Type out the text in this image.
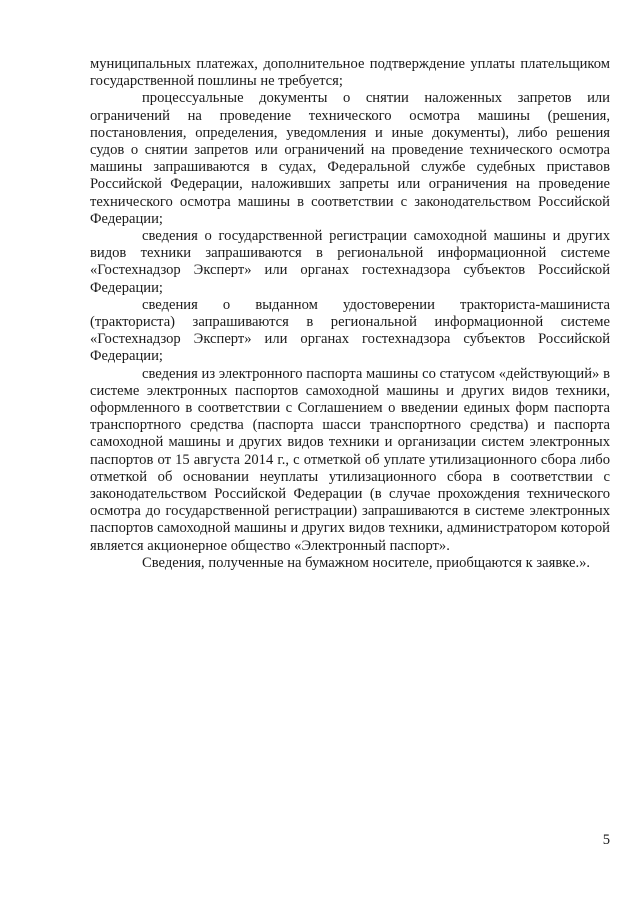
муниципальных платежах, дополнительное подтверждение уплаты плательщиком государственной пошлины не требуется;

процессуальные документы о снятии наложенных запретов или ограничений на проведение технического осмотра машины (решения, постановления, определения, уведомления и иные документы), либо решения судов о снятии запретов или ограничений на проведение технического осмотра машины запрашиваются в судах, Федеральной службе судебных приставов Российской Федерации, наложивших запреты или ограничения на проведение технического осмотра машины в соответствии с законодательством Российской Федерации;

сведения о государственной регистрации самоходной машины и других видов техники запрашиваются в региональной информационной системе «Гостехнадзор Эксперт» или органах гостехнадзора субъектов Российской Федерации;

сведения о выданном удостоверении тракториста-машиниста (тракториста) запрашиваются в региональной информационной системе «Гостехнадзор Эксперт» или органах гостехнадзора субъектов Российской Федерации;

сведения из электронного паспорта машины со статусом «действующий» в системе электронных паспортов самоходной машины и других видов техники, оформленного в соответствии с Соглашением о введении единых форм паспорта транспортного средства (паспорта шасси транспортного средства) и паспорта самоходной машины и других видов техники и организации систем электронных паспортов от 15 августа 2014 г., с отметкой об уплате утилизационного сбора либо отметкой об основании неуплаты утилизационного сбора в соответствии с законодательством Российской Федерации (в случае прохождения технического осмотра до государственной регистрации) запрашиваются в системе электронных паспортов самоходной машины и других видов техники, администратором которой является акционерное общество «Электронный паспорт».

Сведения, полученные на бумажном носителе, приобщаются к заявке.».

5
